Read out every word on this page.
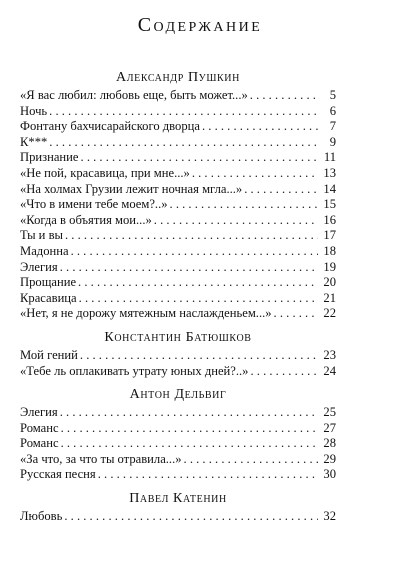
Содержание
Александр Пушкин
«Я вас любил: любовь еще, быть может...» . . .	5
Ночь . . .	6
Фонтану бахчисарайского дворца . . .	7
К*** . . .	9
Признание . . .	11
«Не пой, красавица, при мне...» . . .	13
«На холмах Грузии лежит ночная мгла...» . . .	14
«Что в имени тебе моем?..» . . .	15
«Когда в объятия мои...» . . .	16
Ты и вы . . .	17
Мадонна . . .	18
Элегия . . .	19
Прощание . . .	20
Красавица . . .	21
«Нет, я не дорожу мятежным наслажденьем...» . . .	22
Константин Батюшков
Мой гений . . .	23
«Тебе ль оплакивать утрату юных дней?..» . . .	24
Антон Дельвиг
Элегия . . .	25
Романс . . .	27
Романс . . .	28
«За что, за что ты отравила...» . . .	29
Русская песня . . .	30
Павел Катенин
Любовь . . .	32
